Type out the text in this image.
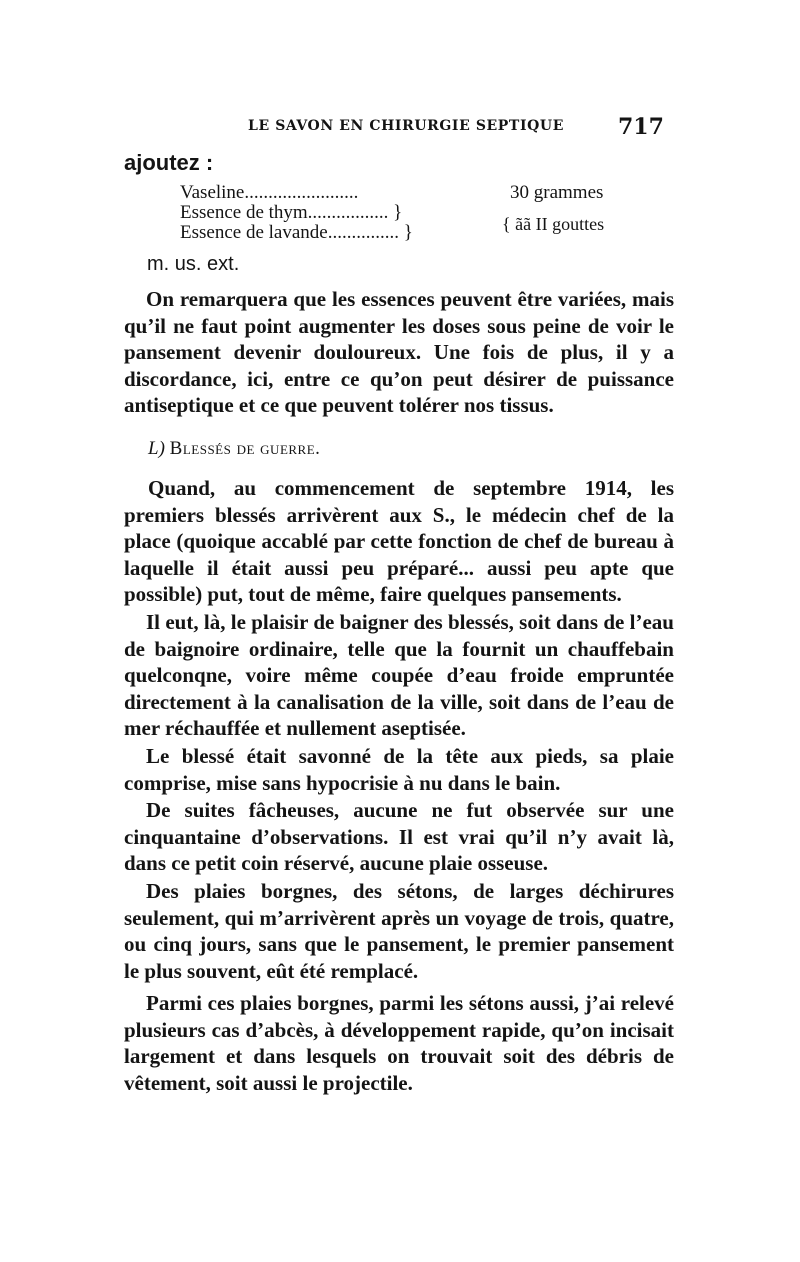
LE SAVON EN CHIRURGIE SEPTIQUE 717
ajoutez :
Vaseline........................	30 grammes
Essence de thym................. }
Essence de lavande............... }	{ ãã II gouttes
m. us. ext.

On remarquera que les essences peuvent être variées, mais qu’il ne faut point augmenter les doses sous peine de voir le pansement devenir douloureux. Une fois de plus, il y a discordance, ici, entre ce qu’on peut désirer de puissance antiseptique et ce que peuvent tolérer nos tissus.

L) Blessés de guerre.

Quand, au commencement de septembre 1914, les premiers blessés arrivèrent aux S., le médecin chef de la place (quoique accablé par cette fonction de chef de bureau à laquelle il était aussi peu préparé... aussi peu apte que possible) put, tout de même, faire quelques pansements.

Il eut, là, le plaisir de baigner des blessés, soit dans de l’eau de baignoire ordinaire, telle que la fournit un chauffebain quelconqne, voire même coupée d’eau froide empruntée directement à la canalisation de la ville, soit dans de l’eau de mer réchauffée et nullement aseptisée.

Le blessé était savonné de la tête aux pieds, sa plaie comprise, mise sans hypocrisie à nu dans le bain.

De suites fâcheuses, aucune ne fut observée sur une cinquantaine d’observations. Il est vrai qu’il n’y avait là, dans ce petit coin réservé, aucune plaie osseuse.

Des plaies borgnes, des sétons, de larges déchirures seulement, qui m’arrivèrent après un voyage de trois, quatre, ou cinq jours, sans que le pansement, le premier pansement le plus souvent, eût été remplacé.

Parmi ces plaies borgnes, parmi les sétons aussi, j’ai relevé plusieurs cas d’abcès, à développement rapide, qu’on incisait largement et dans lesquels on trouvait soit des débris de vêtement, soit aussi le projectile.
